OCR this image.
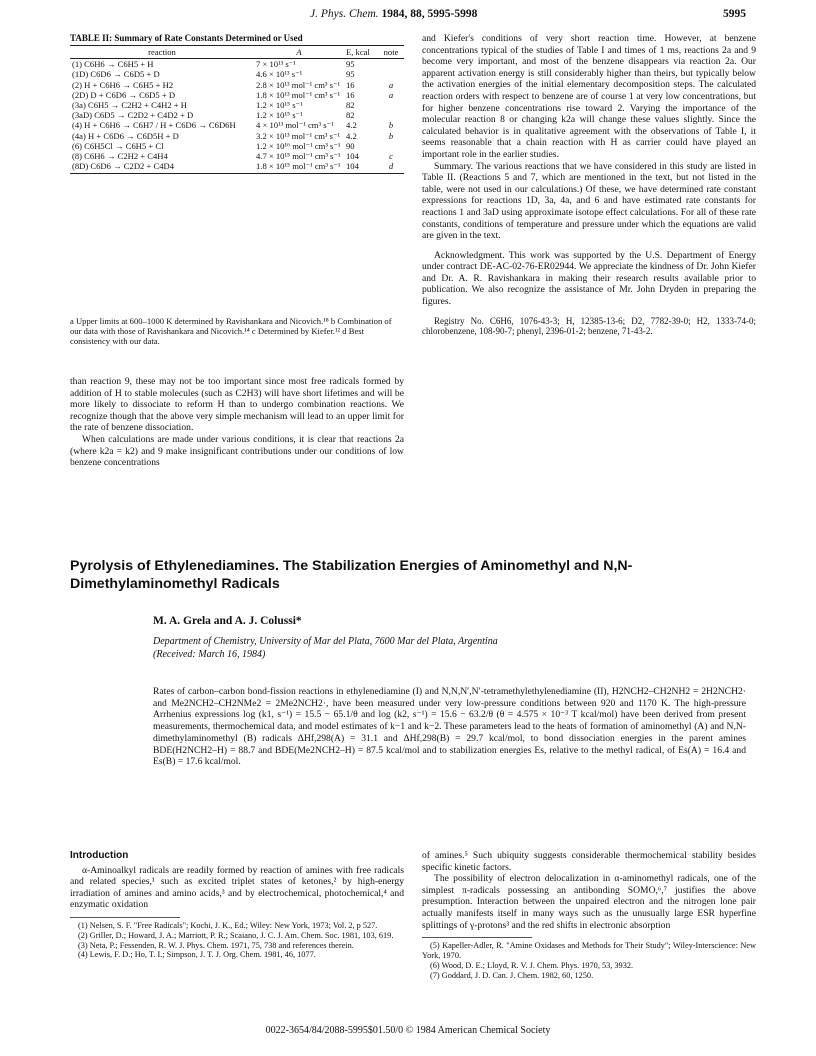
J. Phys. Chem. 1984, 88, 5995-5998	5995
TABLE II: Summary of Rate Constants Determined or Used
reaction	A	E, kcal	note
(1) C6H6 → C6H5 + H	7 × 10¹³ s⁻¹	95	
(1D) C6D6 → C6D5 + D	4.6 × 10¹³ s⁻¹	95	
(2) H + C6H6 → C6H5 + H2	2.8 × 10¹³ mol⁻¹ cm³ s⁻¹	16	a
(2D) D + C6D6 → C6D5 + D	1.8 × 10¹³ mol⁻¹ cm³ s⁻¹	16	a
(3a) C6H5 → C2H2 + C4H2 + H	1.2 × 10¹⁵ s⁻¹	82	
(3aD) C6D5 → C2D2 + C4D2 + D	1.2 × 10¹⁵ s⁻¹	82	
(4) H + C6H6 → C6H7 / H + C6D6 → C6D6H	4 × 10¹³ mol⁻¹ cm³ s⁻¹	4.2	b
(4a) H + C6D6 → C6D5H + D	3.2 × 10¹³ mol⁻¹ cm³ s⁻¹	4.2	b
(6) C6H5Cl → C6H5 + Cl	1.2 × 10¹⁶ mol⁻¹ cm³ s⁻¹	90	
(8) C6H6 → C2H2 + C4H4	4.7 × 10¹⁵ mol⁻¹ cm³ s⁻¹	104	c
(8D) C6D6 → C2D2 + C4D4	1.8 × 10¹⁵ mol⁻¹ cm³ s⁻¹	104	d
a Upper limits at 600–1000 K determined by Ravishankara and Nicovich.¹⁸ b Combination of our data with those of Ravishankara and Nicovich.¹⁴ c Determined by Kiefer.¹² d Best consistency with our data.

than reaction 9, these may not be too important since most free radicals formed by addition of H to stable molecules (such as C2H3) will have short lifetimes and will be more likely to dissociate to reform H than to undergo combination reactions. We recognize though that the above very simple mechanism will lead to an upper limit for the rate of benzene dissociation.

When calculations are made under various conditions, it is clear that reactions 2a (where k2a = k2) and 9 make insignificant contributions under our conditions of low benzene concentrations

and Kiefer's conditions of very short reaction time. However, at benzene concentrations typical of the studies of Table I and times of 1 ms, reactions 2a and 9 become very important, and most of the benzene disappears via reaction 2a. Our apparent activation energy is still considerably higher than theirs, but typically below the activation energies of the initial elementary decomposition steps. The calculated reaction orders with respect to benzene are of course 1 at very low concentrations, but for higher benzene concentrations rise toward 2. Varying the importance of the molecular reaction 8 or changing k2a will change these values slightly. Since the calculated behavior is in qualitative agreement with the observations of Table I, it seems reasonable that a chain reaction with H as carrier could have played an important role in the earlier studies.

Summary. The various reactions that we have considered in this study are listed in Table II. (Reactions 5 and 7, which are mentioned in the text, but not listed in the table, were not used in our calculations.) Of these, we have determined rate constant expressions for reactions 1D, 3a, 4a, and 6 and have estimated rate constants for reactions 1 and 3aD using approximate isotope effect calculations. For all of these rate constants, conditions of temperature and pressure under which the equations are valid are given in the text.

Acknowledgment. This work was supported by the U.S. Department of Energy under contract DE-AC-02-76-ER02944. We appreciate the kindness of Dr. John Kiefer and Dr. A. R. Ravishankara in making their research results available prior to publication. We also recognize the assistance of Mr. John Dryden in preparing the figures.

Registry No. C6H6, 1076-43-3; H, 12385-13-6; D2, 7782-39-0; H2, 1333-74-0; chlorobenzene, 108-90-7; phenyl, 2396-01-2; benzene, 71-43-2.

Pyrolysis of Ethylenediamines. The Stabilization Energies of Aminomethyl and N,N-Dimethylaminomethyl Radicals
M. A. Grela and A. J. Colussi*
Department of Chemistry, University of Mar del Plata, 7600 Mar del Plata, Argentina
(Received: March 16, 1984)
Rates of carbon–carbon bond-fission reactions in ethylenediamine (I) and N,N,N′,N′-tetramethylethylenediamine (II), H2NCH2–CH2NH2 = 2H2NCH2· and Me2NCH2–CH2NMe2 = 2Me2NCH2·, have been measured under very low-pressure conditions between 920 and 1170 K. The high-pressure Arrhenius expressions log (k1, s⁻¹) = 15.5 − 65.1/θ and log (k2, s⁻¹) = 15.6 − 63.2/θ (θ = 4.575 × 10⁻³ T kcal/mol) have been derived from present measurements, thermochemical data, and model estimates of k−1 and k−2. These parameters lead to the heats of formation of aminomethyl (A) and N,N-dimethylaminomethyl (B) radicals ΔHf,298(A) = 31.1 and ΔHf,298(B) = 29.7 kcal/mol, to bond dissociation energies in the parent amines BDE(H2NCH2–H) = 88.7 and BDE(Me2NCH2–H) = 87.5 kcal/mol and to stabilization energies Es, relative to the methyl radical, of Es(A) = 16.4 and Es(B) = 17.6 kcal/mol.

Introduction

α-Aminoalkyl radicals are readily formed by reaction of amines with free radicals and related species,¹ such as excited triplet states of ketones,² by high-energy irradiation of amines and amino acids,³ and by electrochemical, photochemical,⁴ and enzymatic oxidation

(1) Nelsen, S. F. "Free Radicals"; Kochi, J. K., Ed.; Wiley: New York, 1973; Vol. 2, p 527.

(2) Griller, D.; Howard, J. A.; Marriott, P. R.; Scaiano, J. C. J. Am. Chem. Soc. 1981, 103, 619.

(3) Neta, P.; Fessenden, R. W. J. Phys. Chem. 1971, 75, 738 and references therein.

(4) Lewis, F. D.; Ho, T. I.; Simpson, J. T. J. Org. Chem. 1981, 46, 1077.

of amines.⁵ Such ubiquity suggests considerable thermochemical stability besides specific kinetic factors.

The possibility of electron delocalization in α-aminomethyl radicals, one of the simplest π-radicals possessing an antibonding SOMO,⁶,⁷ justifies the above presumption. Interaction between the unpaired electron and the nitrogen lone pair actually manifests itself in many ways such as the unusually large ESR hyperfine splittings of γ-protons³ and the red shifts in electronic absorption

(5) Kapeller-Adler, R. "Amine Oxidases and Methods for Their Study"; Wiley-Interscience: New York, 1970.

(6) Wood, D. E.; Lloyd, R. V. J. Chem. Phys. 1970, 53, 3932.

(7) Goddard, J. D. Can. J. Chem. 1982, 60, 1250.

0022-3654/84/2088-5995$01.50/0 © 1984 American Chemical Society
